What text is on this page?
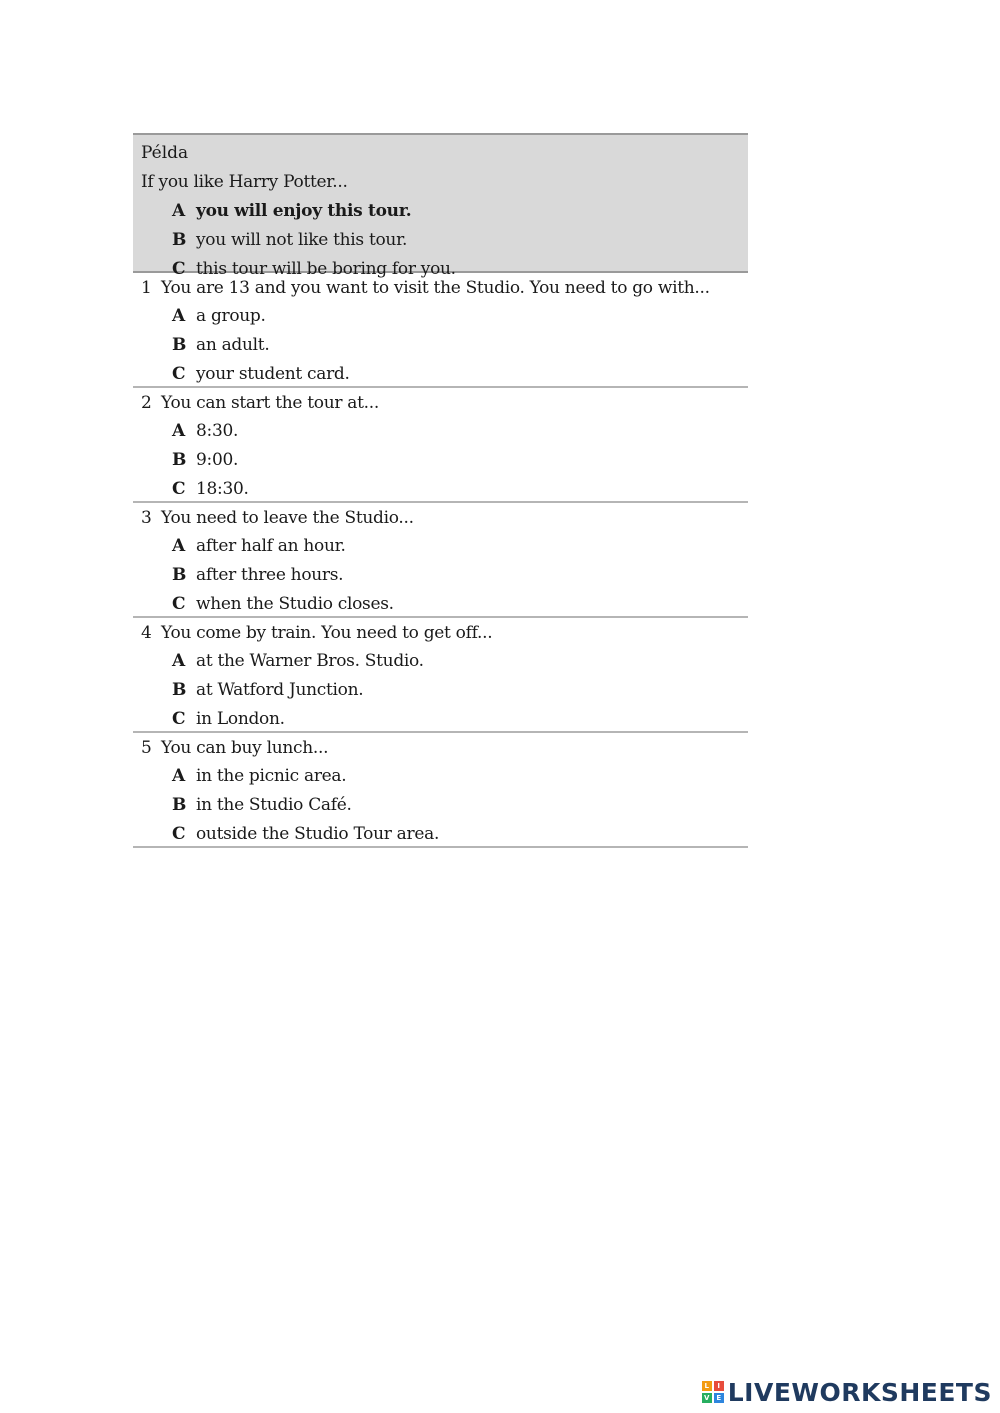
Példa
If you like Harry Potter...
A you will enjoy this tour.
B you will not like this tour.
C this tour will be boring for you.
1 You are 13 and you want to visit the Studio. You need to go with...
A a group.
B an adult.
C your student card.
2 You can start the tour at...
A 8:30.
B 9:00.
C 18:30.
3 You need to leave the Studio...
A after half an hour.
B after three hours.
C when the Studio closes.
4 You come by train. You need to get off...
A at the Warner Bros. Studio.
B at Watford Junction.
C in London.
5 You can buy lunch...
A in the picnic area.
B in the Studio Café.
C outside the Studio Tour area.
L	I
V E LIVEWORKSHEETS
